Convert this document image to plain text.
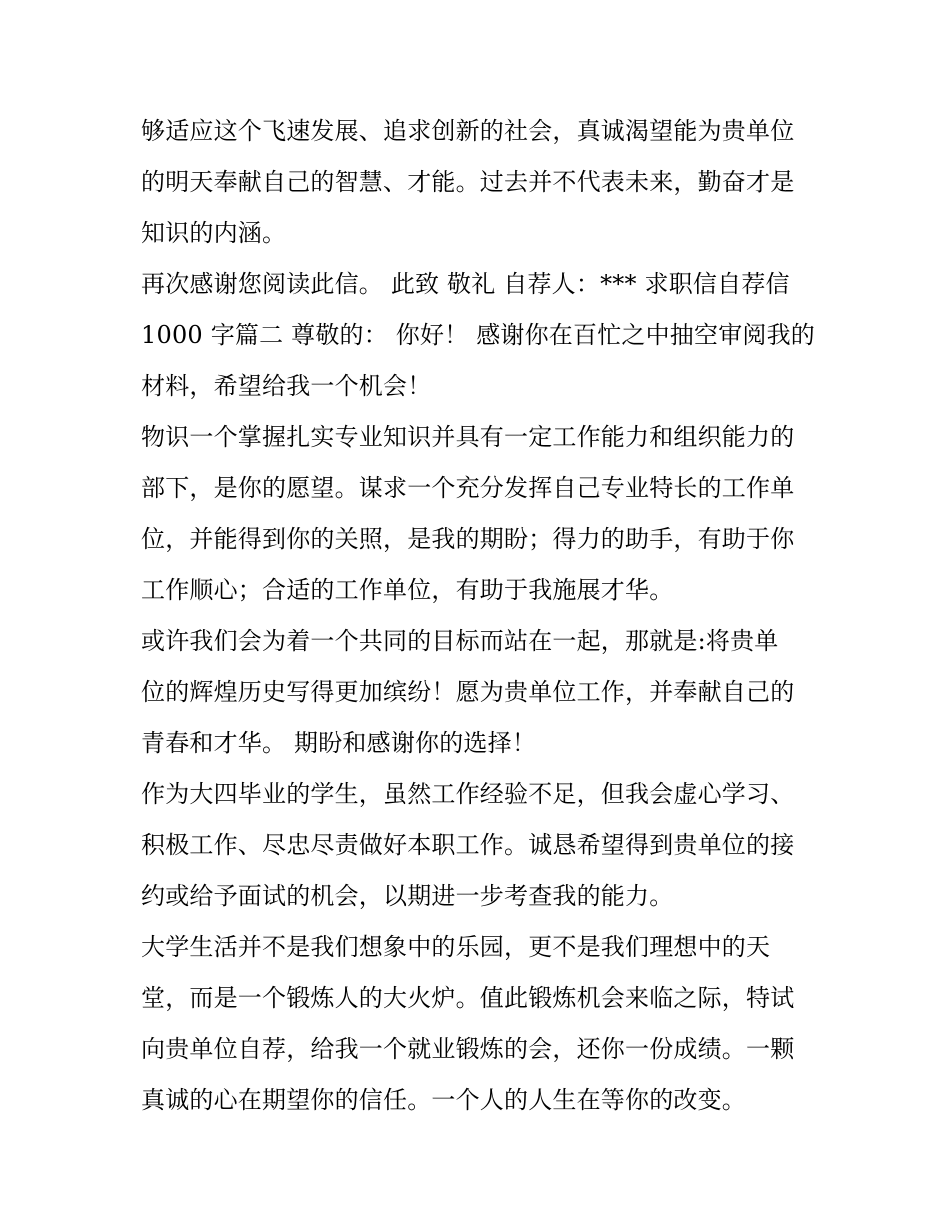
够适应这个飞速发展、追求创新的社会，真诚渴望能为贵单位
的明天奉献自己的智慧、才能。过去并不代表未来，勤奋才是
知识的内涵。
再次感谢您阅读此信。 此致 敬礼 自荐人：*** 求职信自荐信
1000 字篇二 尊敬的： 你好！ 感谢你在百忙之中抽空审阅我的
材料，希望给我一个机会！
物识一个掌握扎实专业知识并具有一定工作能力和组织能力的
部下，是你的愿望。谋求一个充分发挥自己专业特长的工作单
位，并能得到你的关照，是我的期盼；得力的助手，有助于你
工作顺心；合适的工作单位，有助于我施展才华。
或许我们会为着一个共同的目标而站在一起，那就是:将贵单
位的辉煌历史写得更加缤纷！愿为贵单位工作，并奉献自己的
青春和才华。 期盼和感谢你的选择！
作为大四毕业的学生，虽然工作经验不足，但我会虚心学习、
积极工作、尽忠尽责做好本职工作。诚恳希望得到贵单位的接
约或给予面试的机会，以期进一步考查我的能力。
大学生活并不是我们想象中的乐园，更不是我们理想中的天
堂，而是一个锻炼人的大火炉。值此锻炼机会来临之际，特试
向贵单位自荐，给我一个就业锻炼的会，还你一份成绩。一颗
真诚的心在期望你的信任。一个人的人生在等你的改变。
